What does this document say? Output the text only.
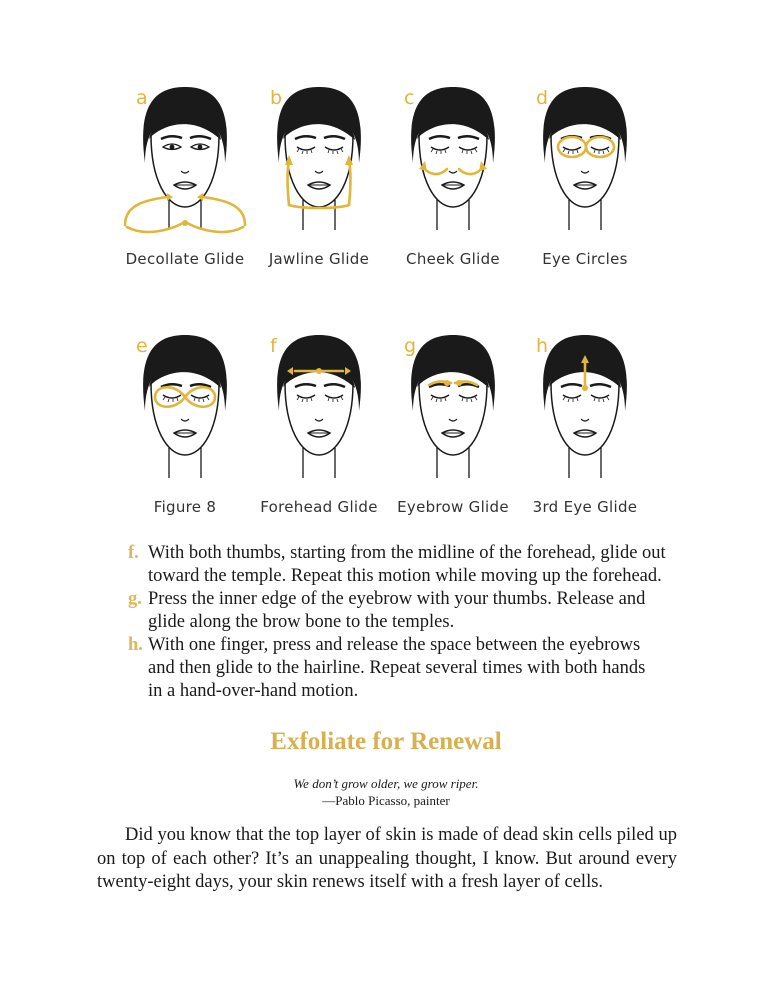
a
Decollate Glide
b
Jawline Glide
c
Cheek Glide
d
Eye Circles
e
Figure 8
f
Forehead Glide
g
Eyebrow Glide
h
3rd Eye Glide
f. With both thumbs, starting from the midline of the forehead, glide out
toward the temple. Repeat this motion while moving up the forehead.
g. Press the inner edge of the eyebrow with your thumbs. Release and
glide along the brow bone to the temples.
h. With one finger, press and release the space between the eyebrows
and then glide to the hairline. Repeat several times with both hands
in a hand-over-hand motion.
Exfoliate for Renewal
We don’t grow older, we grow riper.
—Pablo Picasso, painter

Did you know that the top layer of skin is made of dead skin cells piled up on top of each other? It’s an unappealing thought, I know. But around every twenty-eight days, your skin renews itself with a fresh layer of cells.
